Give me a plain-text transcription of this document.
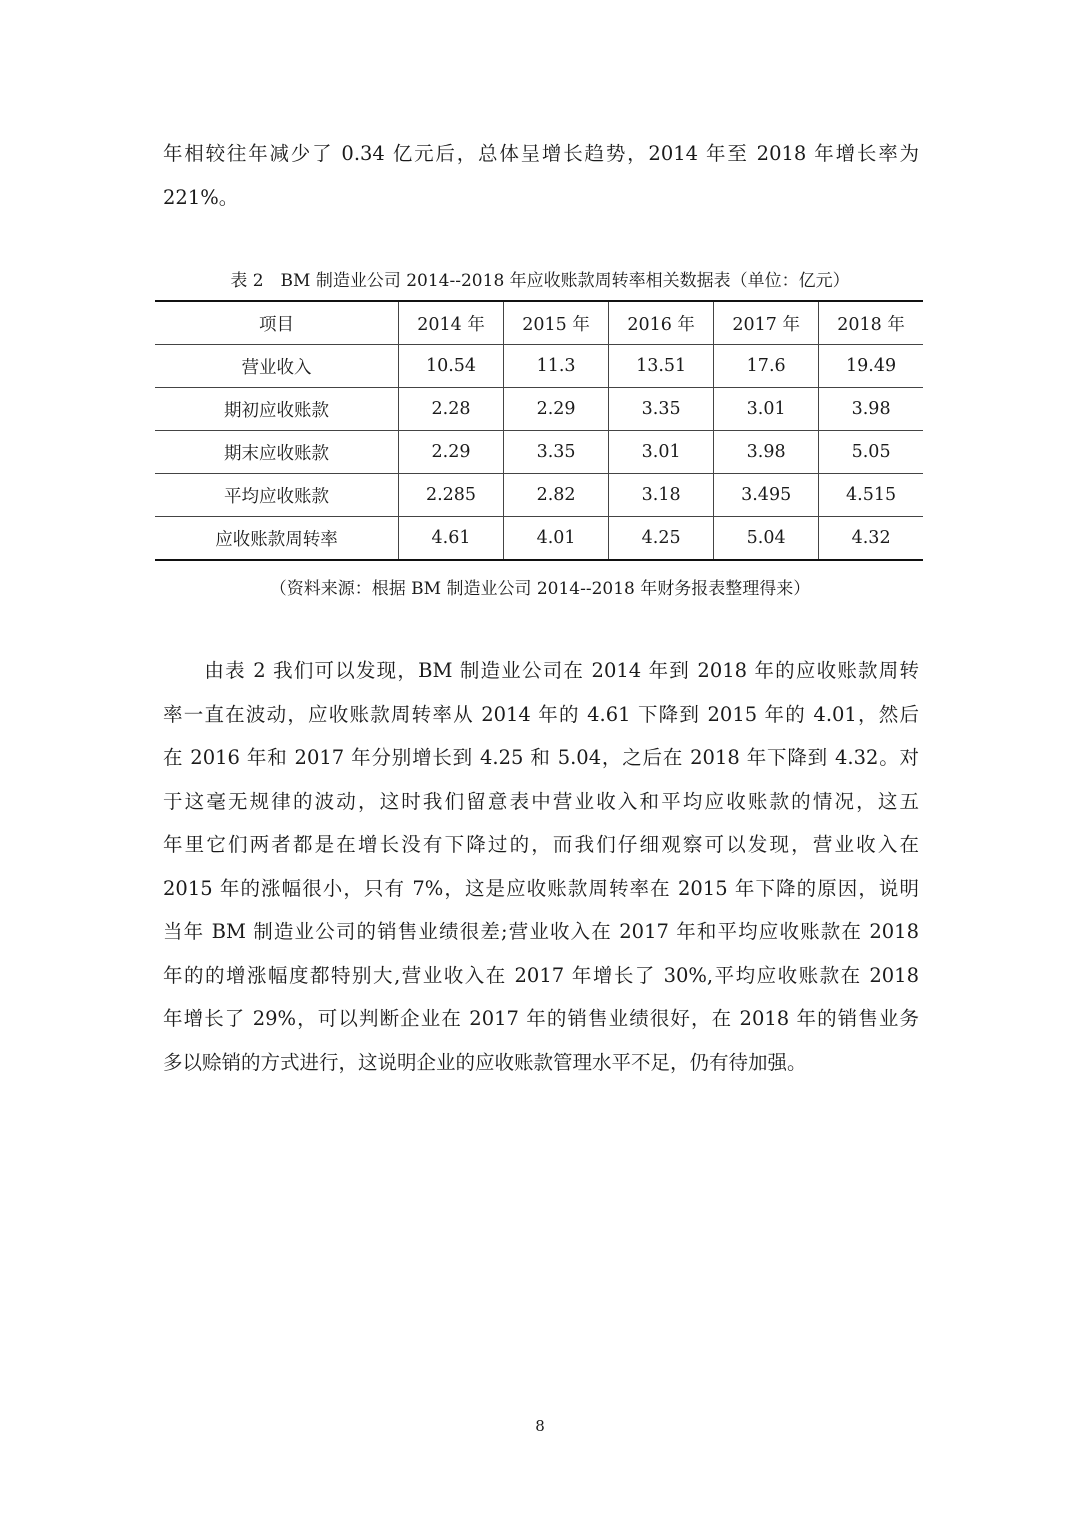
年相较往年减少了 0.34 亿元后，总体呈增长趋势，2014 年至 2018 年增长率为
221%。

表 2　BM 制造业公司 2014--2018 年应收账款周转率相关数据表（单位：亿元）

项目	2014 年	2015 年	2016 年	2017 年	2018 年
营业收入	10.54	11.3	13.51	17.6	19.49
期初应收账款	2.28	2.29	3.35	3.01	3.98
期末应收账款	2.29	3.35	3.01	3.98	5.05
平均应收账款	2.285	2.82	3.18	3.495	4.515
应收账款周转率	4.61	4.01	4.25	5.04	4.32

（资料来源：根据 BM 制造业公司 2014--2018 年财务报表整理得来）

　　由表 2 我们可以发现，BM 制造业公司在 2014 年到 2018 年的应收账款周转
率一直在波动，应收账款周转率从 2014 年的 4.61 下降到 2015 年的 4.01，然后
在 2016 年和 2017 年分别增长到 4.25 和 5.04，之后在 2018 年下降到 4.32。对
于这毫无规律的波动，这时我们留意表中营业收入和平均应收账款的情况，这五
年里它们两者都是在增长没有下降过的，而我们仔细观察可以发现，营业收入在
2015 年的涨幅很小，只有 7%，这是应收账款周转率在 2015 年下降的原因，说明
当年 BM 制造业公司的销售业绩很差;营业收入在 2017 年和平均应收账款在 2018
年的的增涨幅度都特别大,营业收入在 2017 年增长了 30%,平均应收账款在 2018
年增长了 29%，可以判断企业在 2017 年的销售业绩很好，在 2018 年的销售业务
多以赊销的方式进行，这说明企业的应收账款管理水平不足，仍有待加强。

8
